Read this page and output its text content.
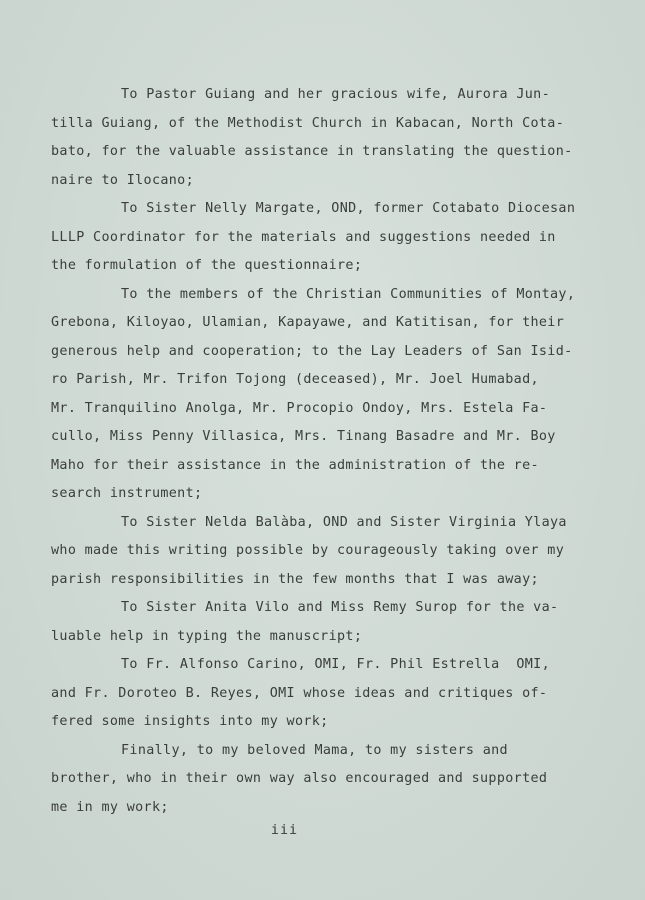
To Pastor Guiang and her gracious wife, Aurora Jun-
tilla Guiang, of the Methodist Church in Kabacan, North Cota-
bato, for the valuable assistance in translating the question-
naire to Ilocano;
To Sister Nelly Margate, OND, former Cotabato Diocesan
LLLP Coordinator for the materials and suggestions needed in
the formulation of the questionnaire;
To the members of the Christian Communities of Montay,
Grebona, Kiloyao, Ulamian, Kapayawe, and Katitisan, for their
generous help and cooperation; to the Lay Leaders of San Isid-
ro Parish, Mr. Trifon Tojong (deceased), Mr. Joel Humabad,
Mr. Tranquilino Anolga, Mr. Procopio Ondoy, Mrs. Estela Fa-
cullo, Miss Penny Villasica, Mrs. Tinang Basadre and Mr. Boy
Maho for their assistance in the administration of the re-
search instrument;
To Sister Nelda Balàba, OND and Sister Virginia Ylaya
who made this writing possible by courageously taking over my
parish responsibilities in the few months that I was away;
To Sister Anita Vilo and Miss Remy Surop for the va-
luable help in typing the manuscript;
To Fr. Alfonso Carino, OMI, Fr. Phil Estrella  OMI,
and Fr. Doroteo B. Reyes, OMI whose ideas and critiques of-
fered some insights into my work;
Finally, to my beloved Mama, to my sisters and
brother, who in their own way also encouraged and supported
me in my work;
iii
